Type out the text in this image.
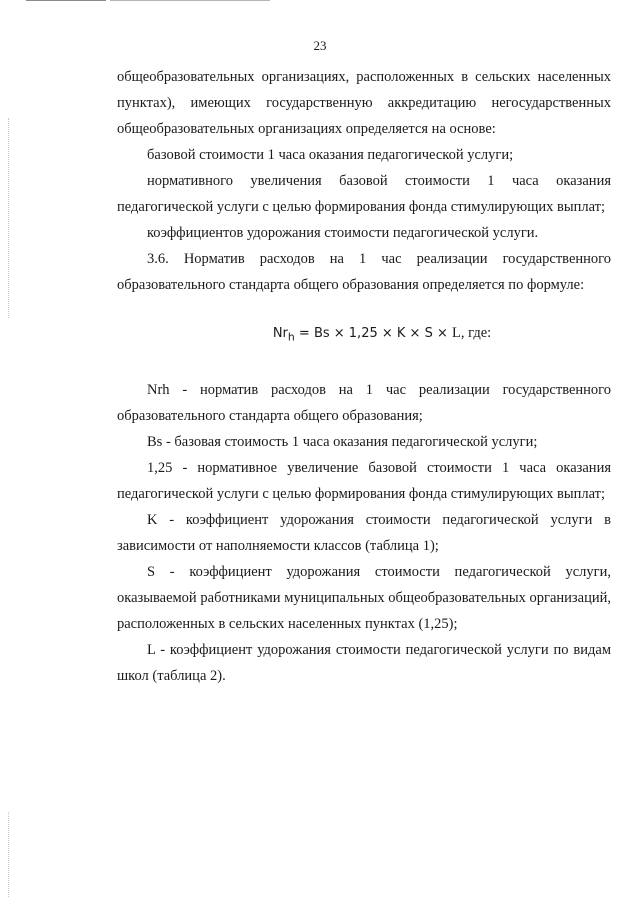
23

общеобразовательных организациях, расположенных в сельских населенных пунктах), имеющих государственную аккредитацию негосударственных общеобразовательных организациях определяется на основе:

базовой стоимости 1 часа оказания педагогической услуги;

нормативного увеличения базовой стоимости 1 часа оказания педагогической услуги с целью формирования фонда стимулирующих выплат;

коэффициентов удорожания стоимости педагогической услуги.

3.6. Норматив расходов на 1 час реализации государственного образовательного стандарта общего образования определяется по формуле:

$Nr_h = Bs \times 1,25 \times K \times S \times L$, где:

Nrh - норматив расходов на 1 час реализации государственного образовательного стандарта общего образования;

Bs - базовая стоимость 1 часа оказания педагогической услуги;

1,25 - нормативное увеличение базовой стоимости 1 часа оказания педагогической услуги с целью формирования фонда стимулирующих выплат;

K - коэффициент удорожания стоимости педагогической услуги в зависимости от наполняемости классов (таблица 1);

S - коэффициент удорожания стоимости педагогической услуги, оказываемой работниками муниципальных общеобразовательных организаций, расположенных в сельских населенных пунктах (1,25);

L - коэффициент удорожания стоимости педагогической услуги по видам школ (таблица 2).
